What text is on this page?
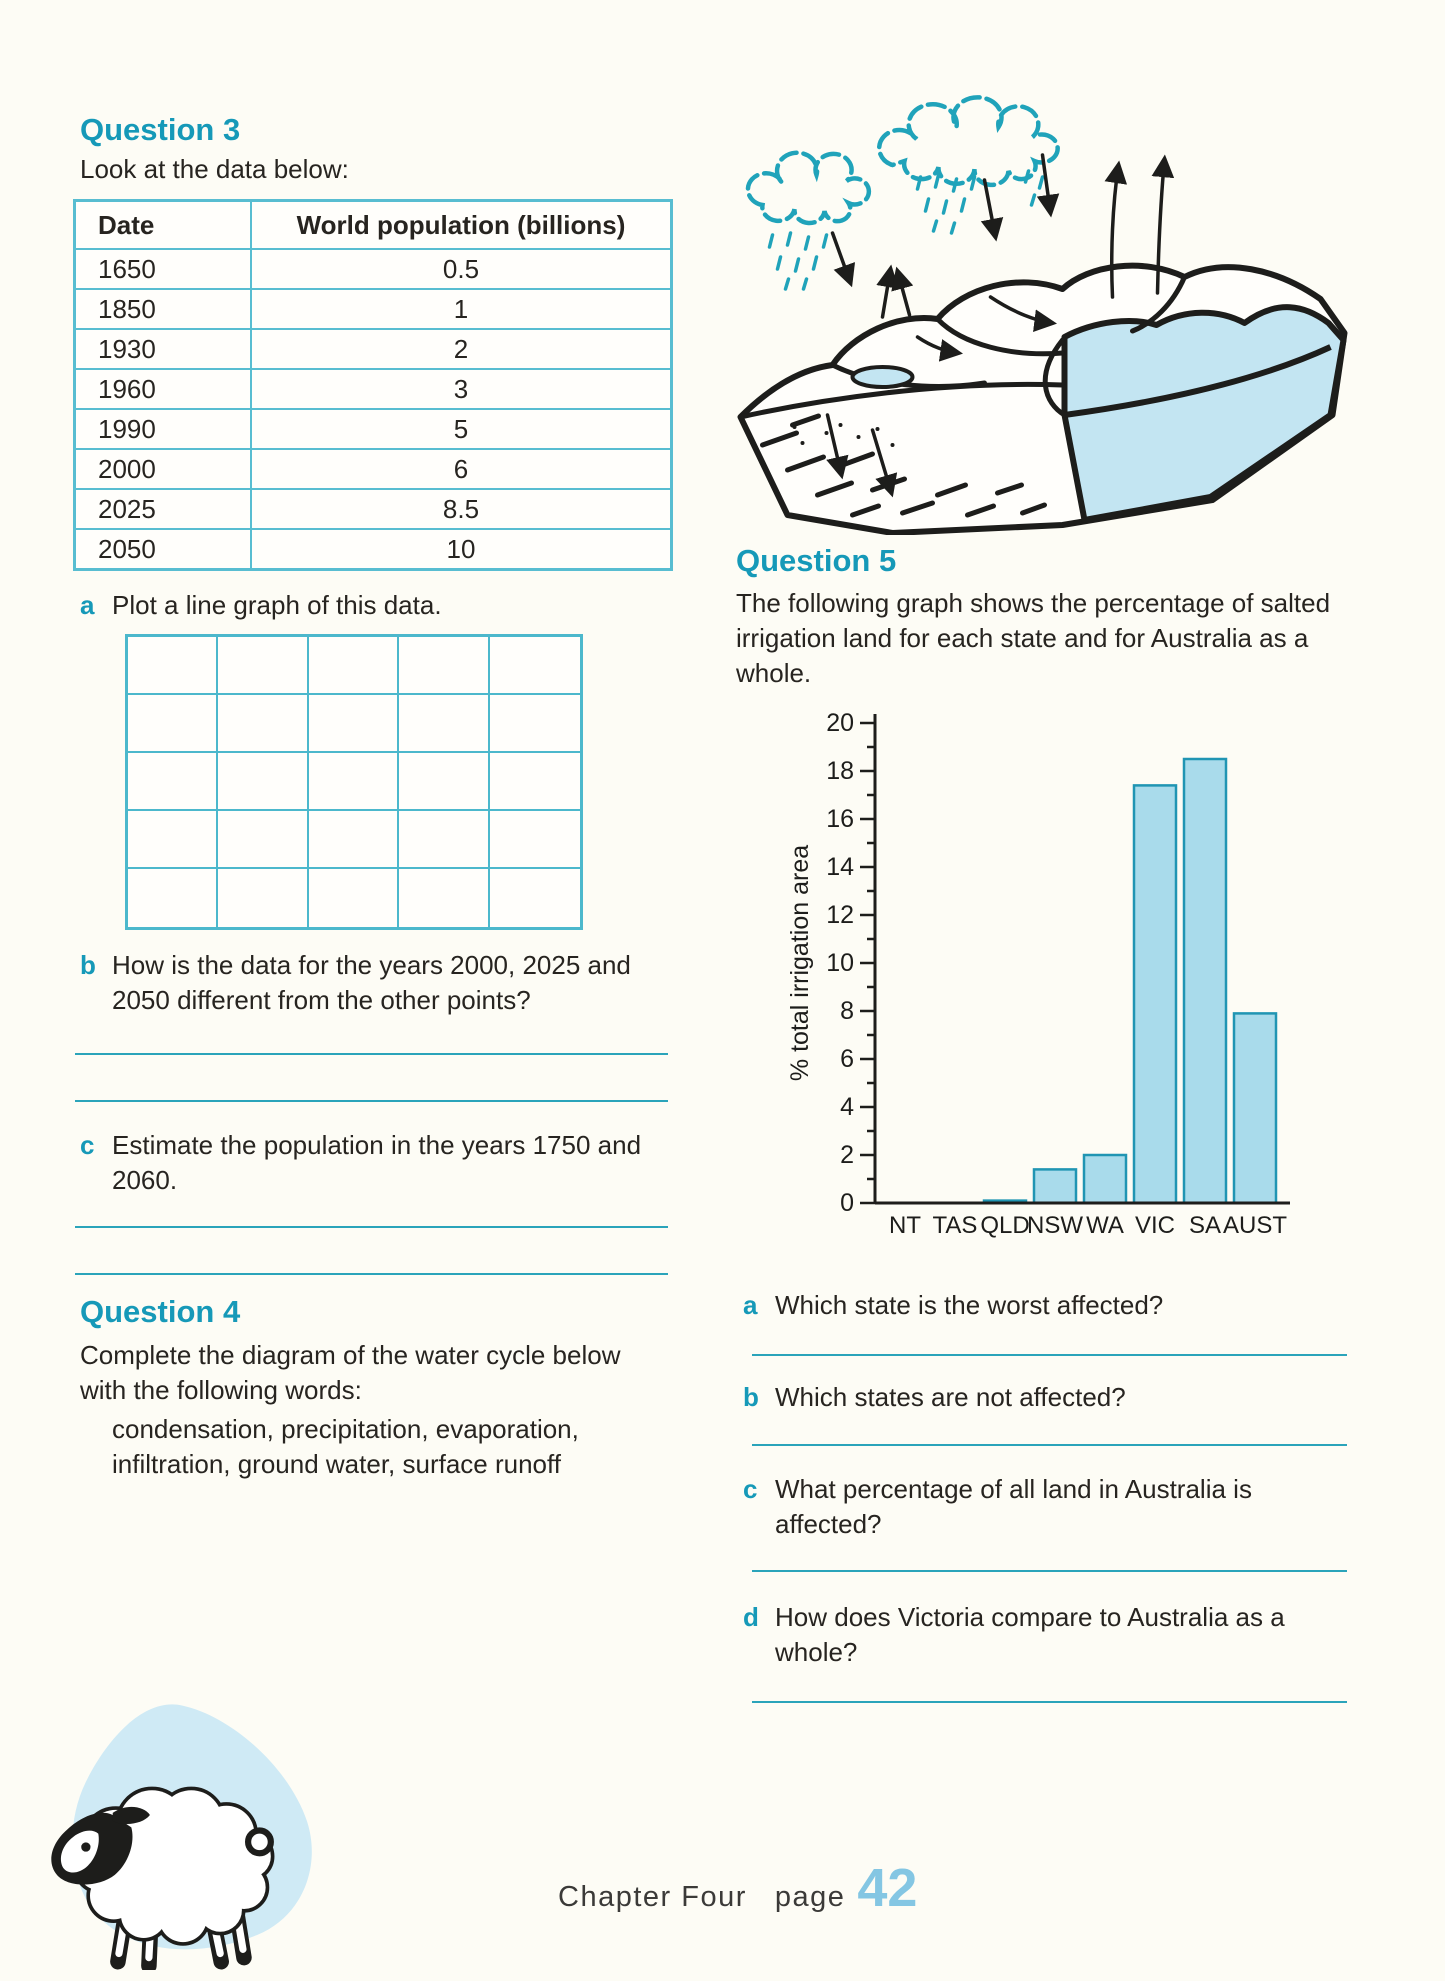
Question 3
Look at the data below:
Date	World population (billions)
1650	0.5
1850	1
1930	2
1960	3
1990	5
2000	6
2025	8.5
2050	10
a Plot a line graph of this data.
b How is the data for the years 2000, 2025 and 2050 different from the other points?
c Estimate the population in the years 1750 and 2060.
Question 4
Complete the diagram of the water cycle below with the following words:
condensation, precipitation, evaporation, infiltration, ground water, surface runoff
Question 5
The following graph shows the percentage of salted irrigation land for each state and for Australia as a whole.
0
2
4
6
8
10
12
14
16
18
20
NT TAS QLD
NSW WA VIC SA AUST
% total irrigation area
a Which state is the worst affected?
b Which states are not affected?
c What percentage of all land in Australia is affected?
d How does Victoria compare to Australia as a whole?
Chapter Four page 42
